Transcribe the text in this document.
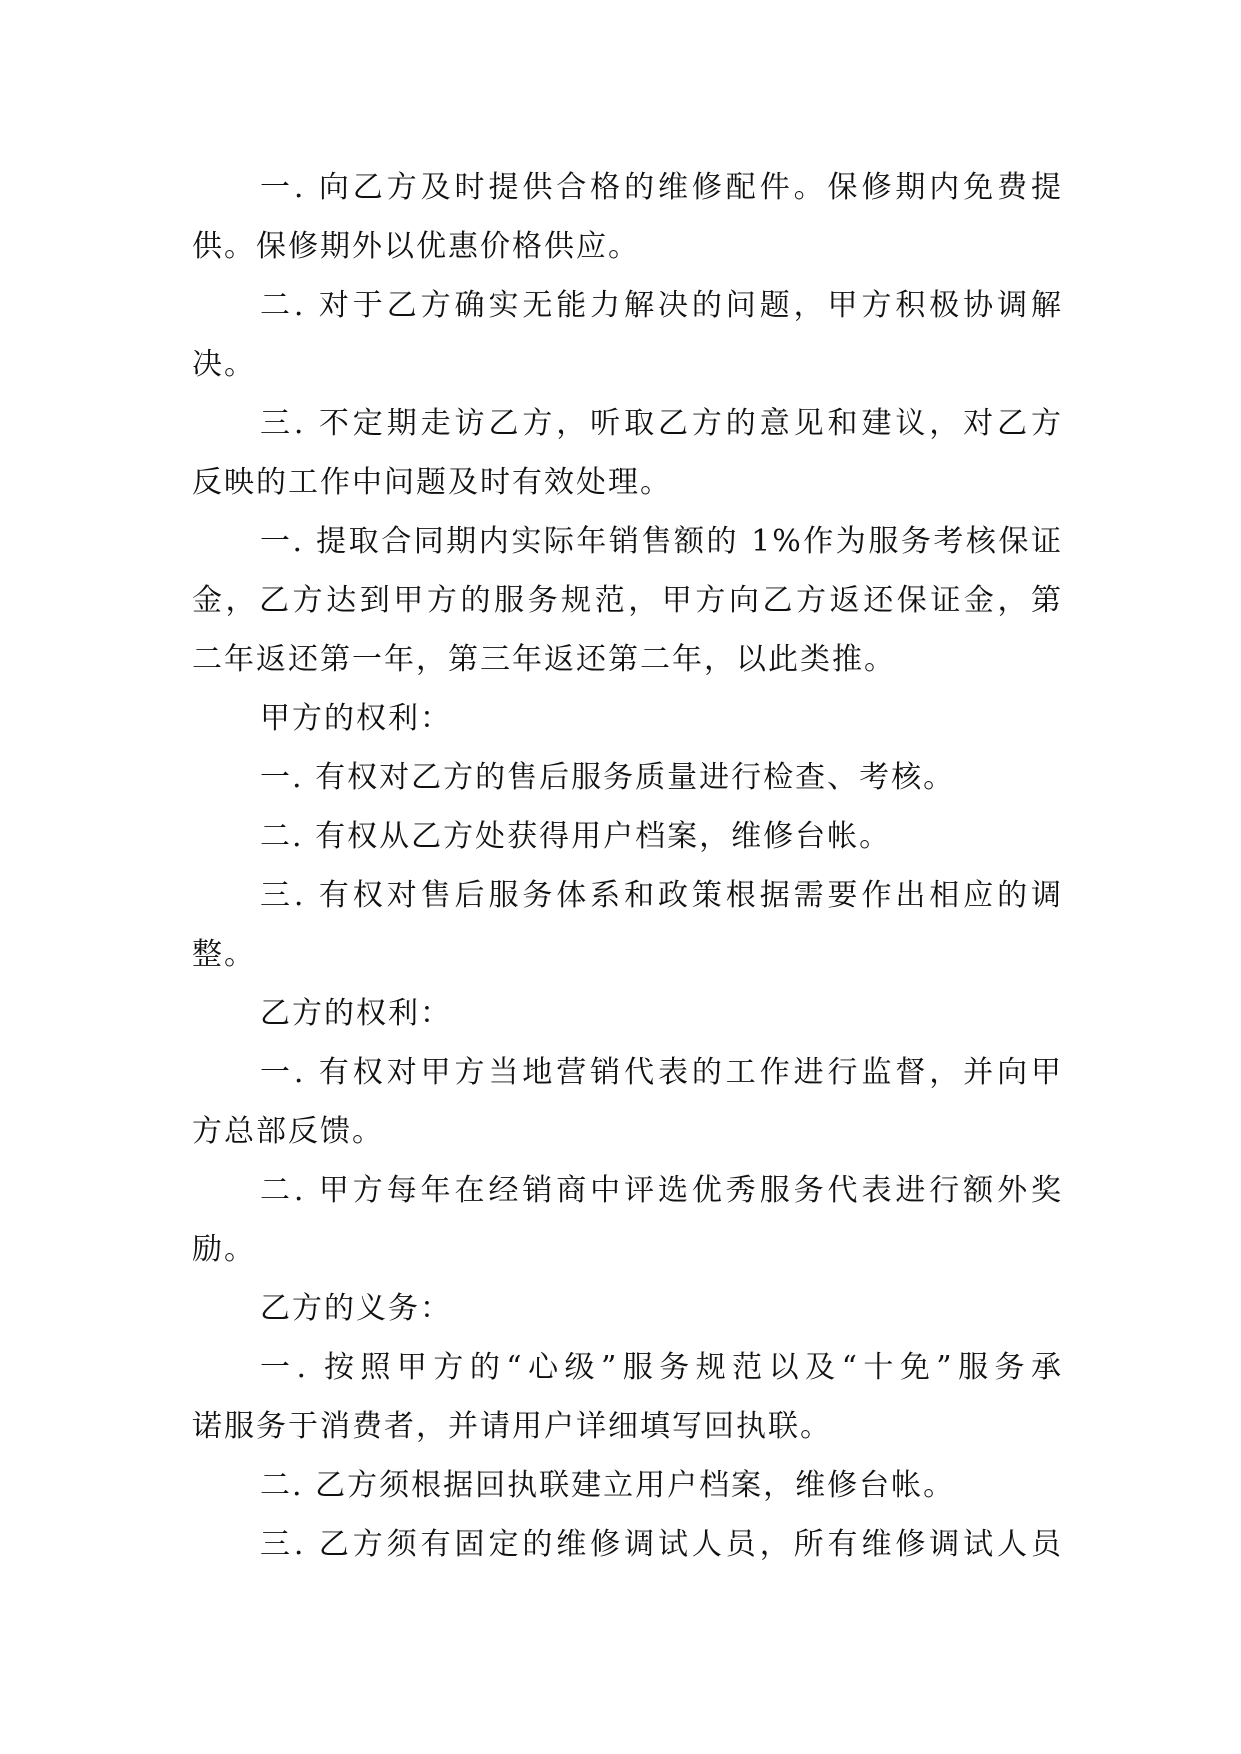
一. 向乙方及时提供合格的维修配件。保修期内免费提
供。保修期外以优惠价格供应。
二. 对于乙方确实无能力解决的问题，甲方积极协调解
决。
三. 不定期走访乙方，听取乙方的意见和建议，对乙方
反映的工作中问题及时有效处理。
一. 提取合同期内实际年销售额的 1%作为服务考核保证
金，乙方达到甲方的服务规范，甲方向乙方返还保证金，第
二年返还第一年，第三年返还第二年，以此类推。
甲方的权利：
一. 有权对乙方的售后服务质量进行检查、考核。
二. 有权从乙方处获得用户档案，维修台帐。
三. 有权对售后服务体系和政策根据需要作出相应的调
整。
乙方的权利：
一. 有权对甲方当地营销代表的工作进行监督，并向甲
方总部反馈。
二. 甲方每年在经销商中评选优秀服务代表进行额外奖
励。
乙方的义务：
一. 按照甲方的“心级”服务规范以及“十免”服务承
诺服务于消费者，并请用户详细填写回执联。
二. 乙方须根据回执联建立用户档案，维修台帐。
三. 乙方须有固定的维修调试人员，所有维修调试人员
